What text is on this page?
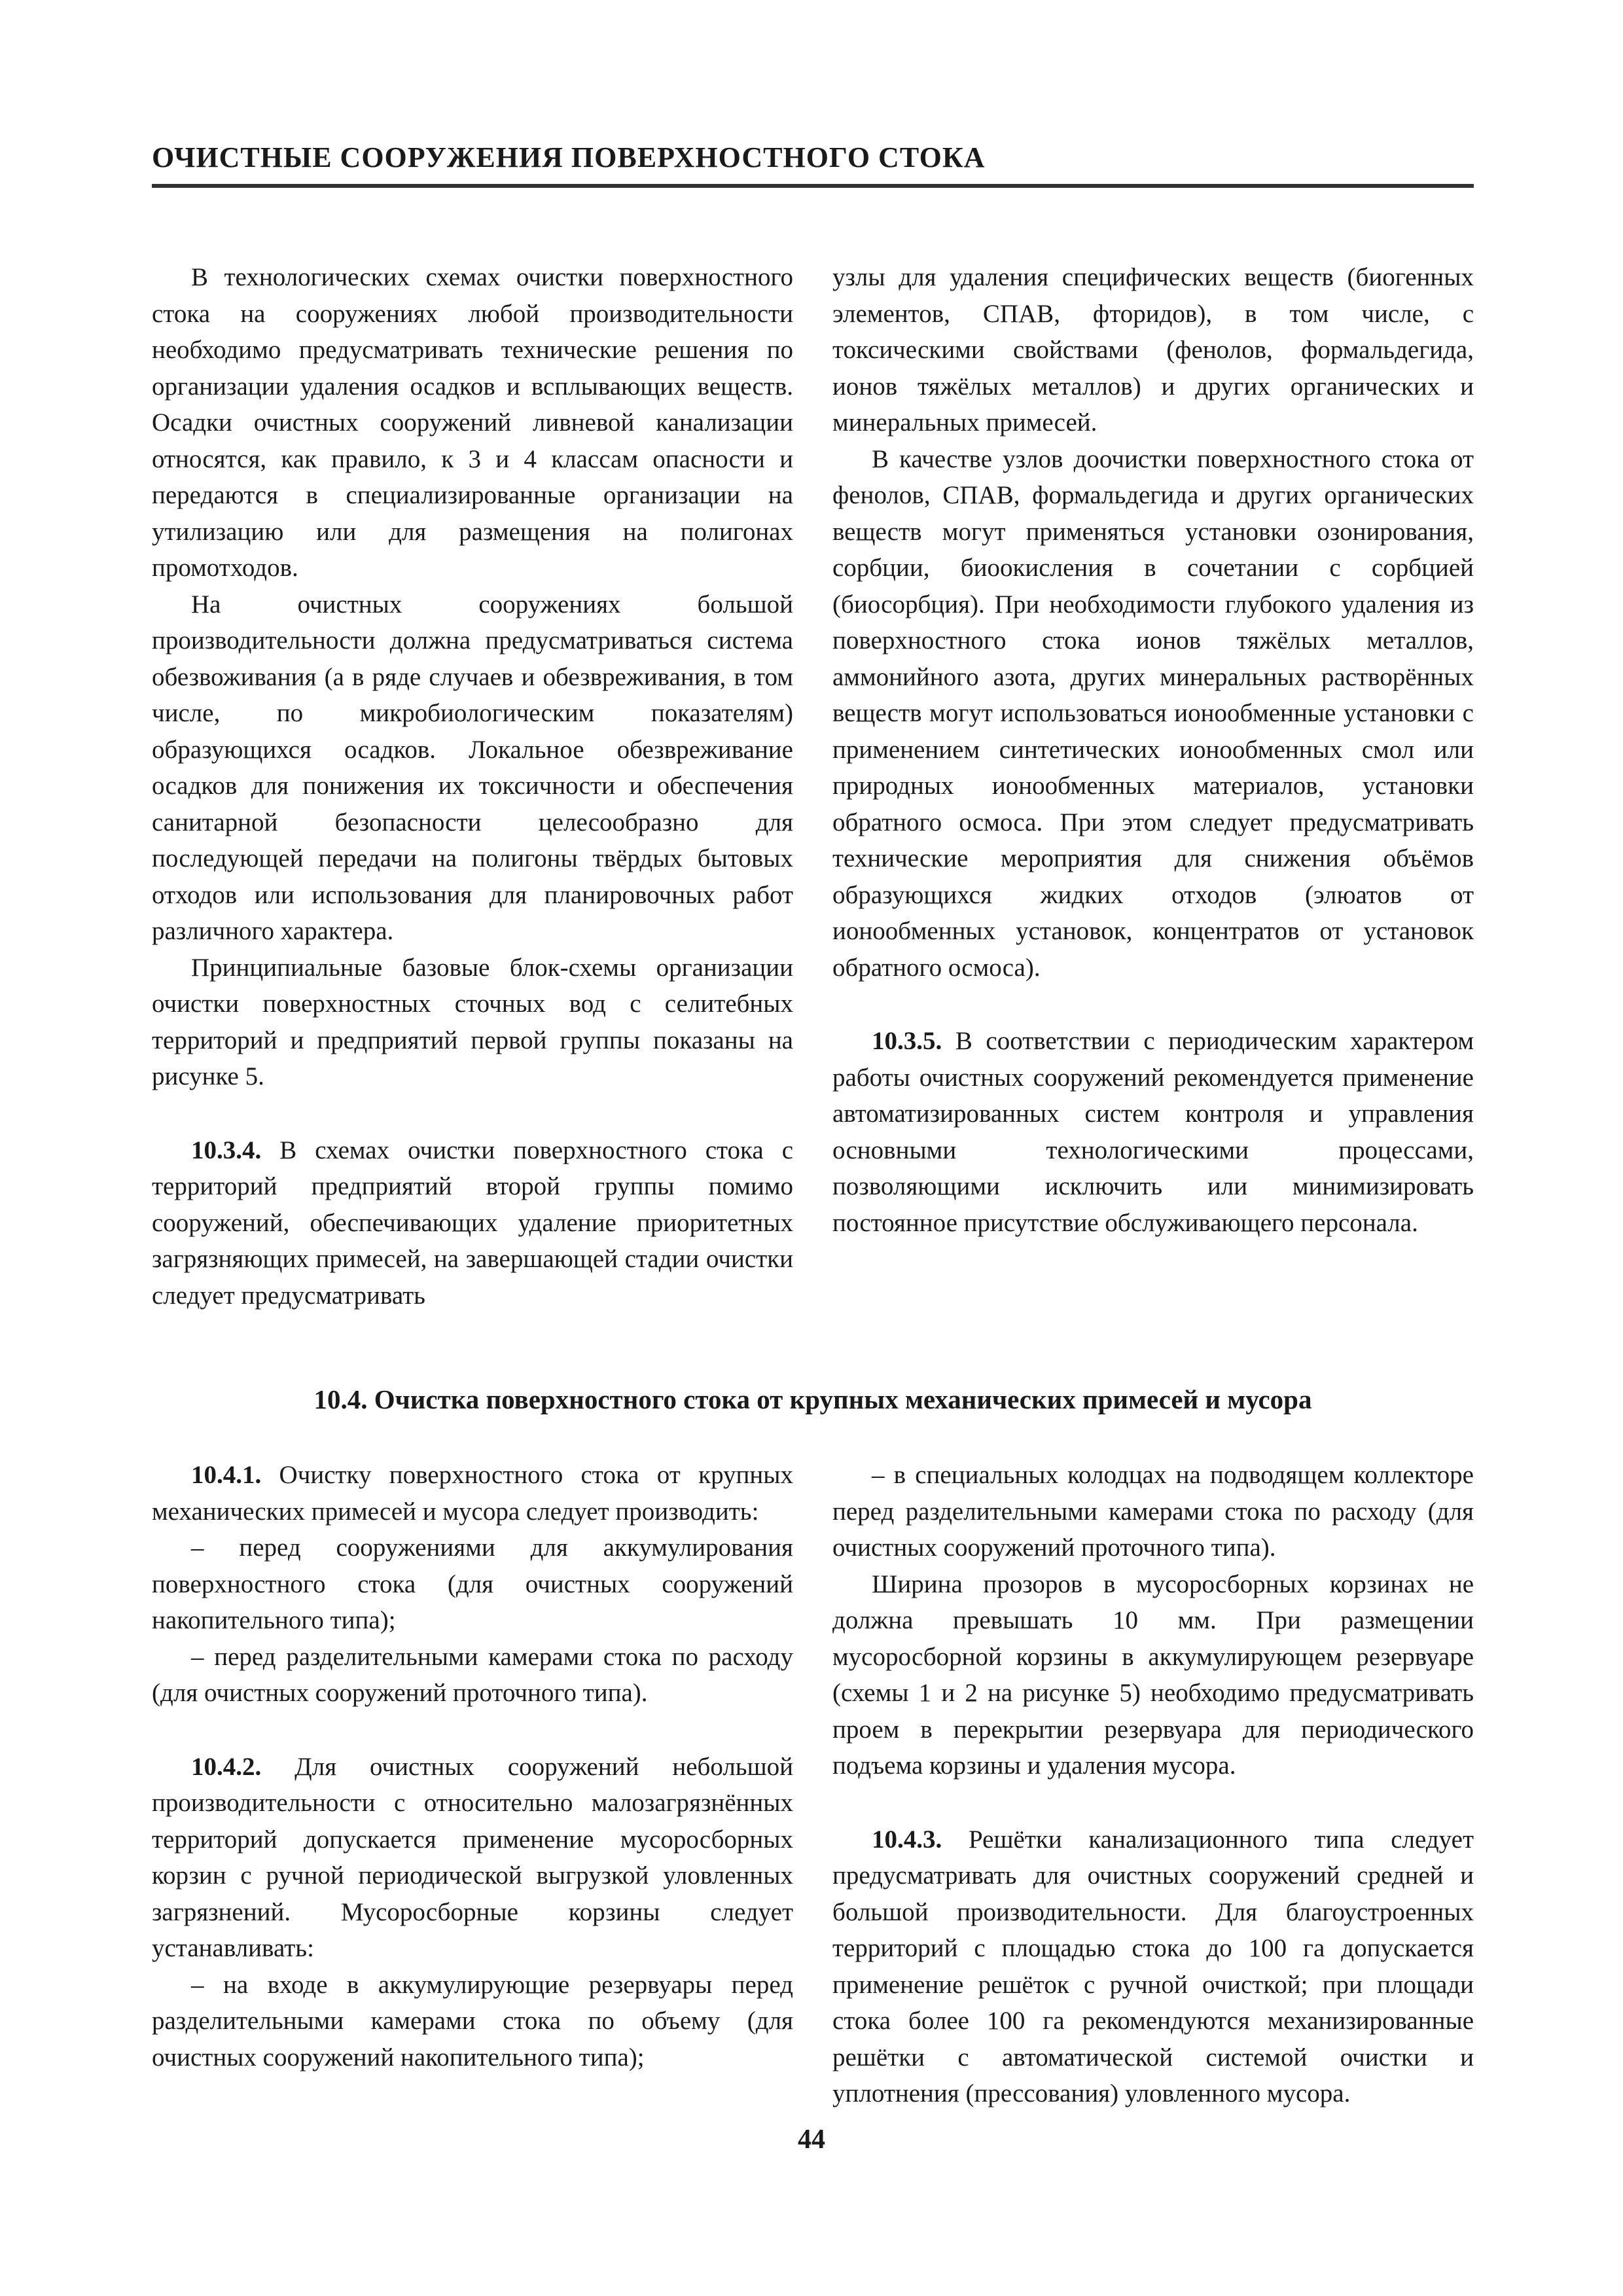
ОЧИСТНЫЕ СООРУЖЕНИЯ ПОВЕРХНОСТНОГО СТОКА

В технологических схемах очистки поверхностного стока на сооружениях любой производительности необходимо предусматривать технические решения по организации удаления осадков и всплывающих веществ. Осадки очистных сооружений ливневой канализации относятся, как правило, к 3 и 4 классам опасности и передаются в специализированные организации на утилизацию или для размещения на полигонах промотходов.

На очистных сооружениях большой производительности должна предусматриваться система обезвоживания (а в ряде случаев и обезвреживания, в том числе, по микробиологическим показателям) образующихся осадков. Локальное обезвреживание осадков для понижения их токсичности и обеспечения санитарной безопасности целесообразно для последующей передачи на полигоны твёрдых бытовых отходов или использования для планировочных работ различного характера.

Принципиальные базовые блок-схемы организации очистки поверхностных сточных вод с селитебных территорий и предприятий первой группы показаны на рисунке 5.

10.3.4. В схемах очистки поверхностного стока с территорий предприятий второй группы помимо сооружений, обеспечивающих удаление приоритетных загрязняющих примесей, на завершающей стадии очистки следует предусматривать

узлы для удаления специфических веществ (биогенных элементов, СПАВ, фторидов), в том числе, с токсическими свойствами (фенолов, формальдегида, ионов тяжёлых металлов) и других органических и минеральных примесей.

В качестве узлов доочистки поверхностного стока от фенолов, СПАВ, формальдегида и других органических веществ могут применяться установки озонирования, сорбции, биоокисления в сочетании с сорбцией (биосорбция). При необходимости глубокого удаления из поверхностного стока ионов тяжёлых металлов, аммонийного азота, других минеральных растворённых веществ могут использоваться ионообменные установки с применением синтетических ионообменных смол или природных ионообменных материалов, установки обратного осмоса. При этом следует предусматривать технические мероприятия для снижения объёмов образующихся жидких отходов (элюатов от ионообменных установок, концентратов от установок обратного осмоса).

10.3.5. В соответствии с периодическим характером работы очистных сооружений рекомендуется применение автоматизированных систем контроля и управления основными технологическими процессами, позволяющими исключить или минимизировать постоянное присутствие обслуживающего персонала.

10.4. Очистка поверхностного стока от крупных механических примесей и мусора

10.4.1. Очистку поверхностного стока от крупных механических примесей и мусора следует производить:

– перед сооружениями для аккумулирования поверхностного стока (для очистных сооружений накопительного типа);

– перед разделительными камерами стока по расходу (для очистных сооружений проточного типа).

10.4.2. Для очистных сооружений небольшой производительности с относительно малозагрязнённых территорий допускается применение мусоросборных корзин с ручной периодической выгрузкой уловленных загрязнений. Мусоросборные корзины следует устанавливать:

– на входе в аккумулирующие резервуары перед разделительными камерами стока по объему (для очистных сооружений накопительного типа);

– в специальных колодцах на подводящем коллекторе перед разделительными камерами стока по расходу (для очистных сооружений проточного типа).

Ширина прозоров в мусоросборных корзинах не должна превышать 10 мм. При размещении мусоросборной корзины в аккумулирующем резервуаре (схемы 1 и 2 на рисунке 5) необходимо предусматривать проем в перекрытии резервуара для периодического подъема корзины и удаления мусора.

10.4.3. Решётки канализационного типа следует предусматривать для очистных сооружений средней и большой производительности. Для благоустроенных территорий с площадью стока до 100 га допускается применение решёток с ручной очисткой; при площади стока более 100 га рекомендуются механизированные решётки с автоматической системой очистки и уплотнения (прессования) уловленного мусора.

44
